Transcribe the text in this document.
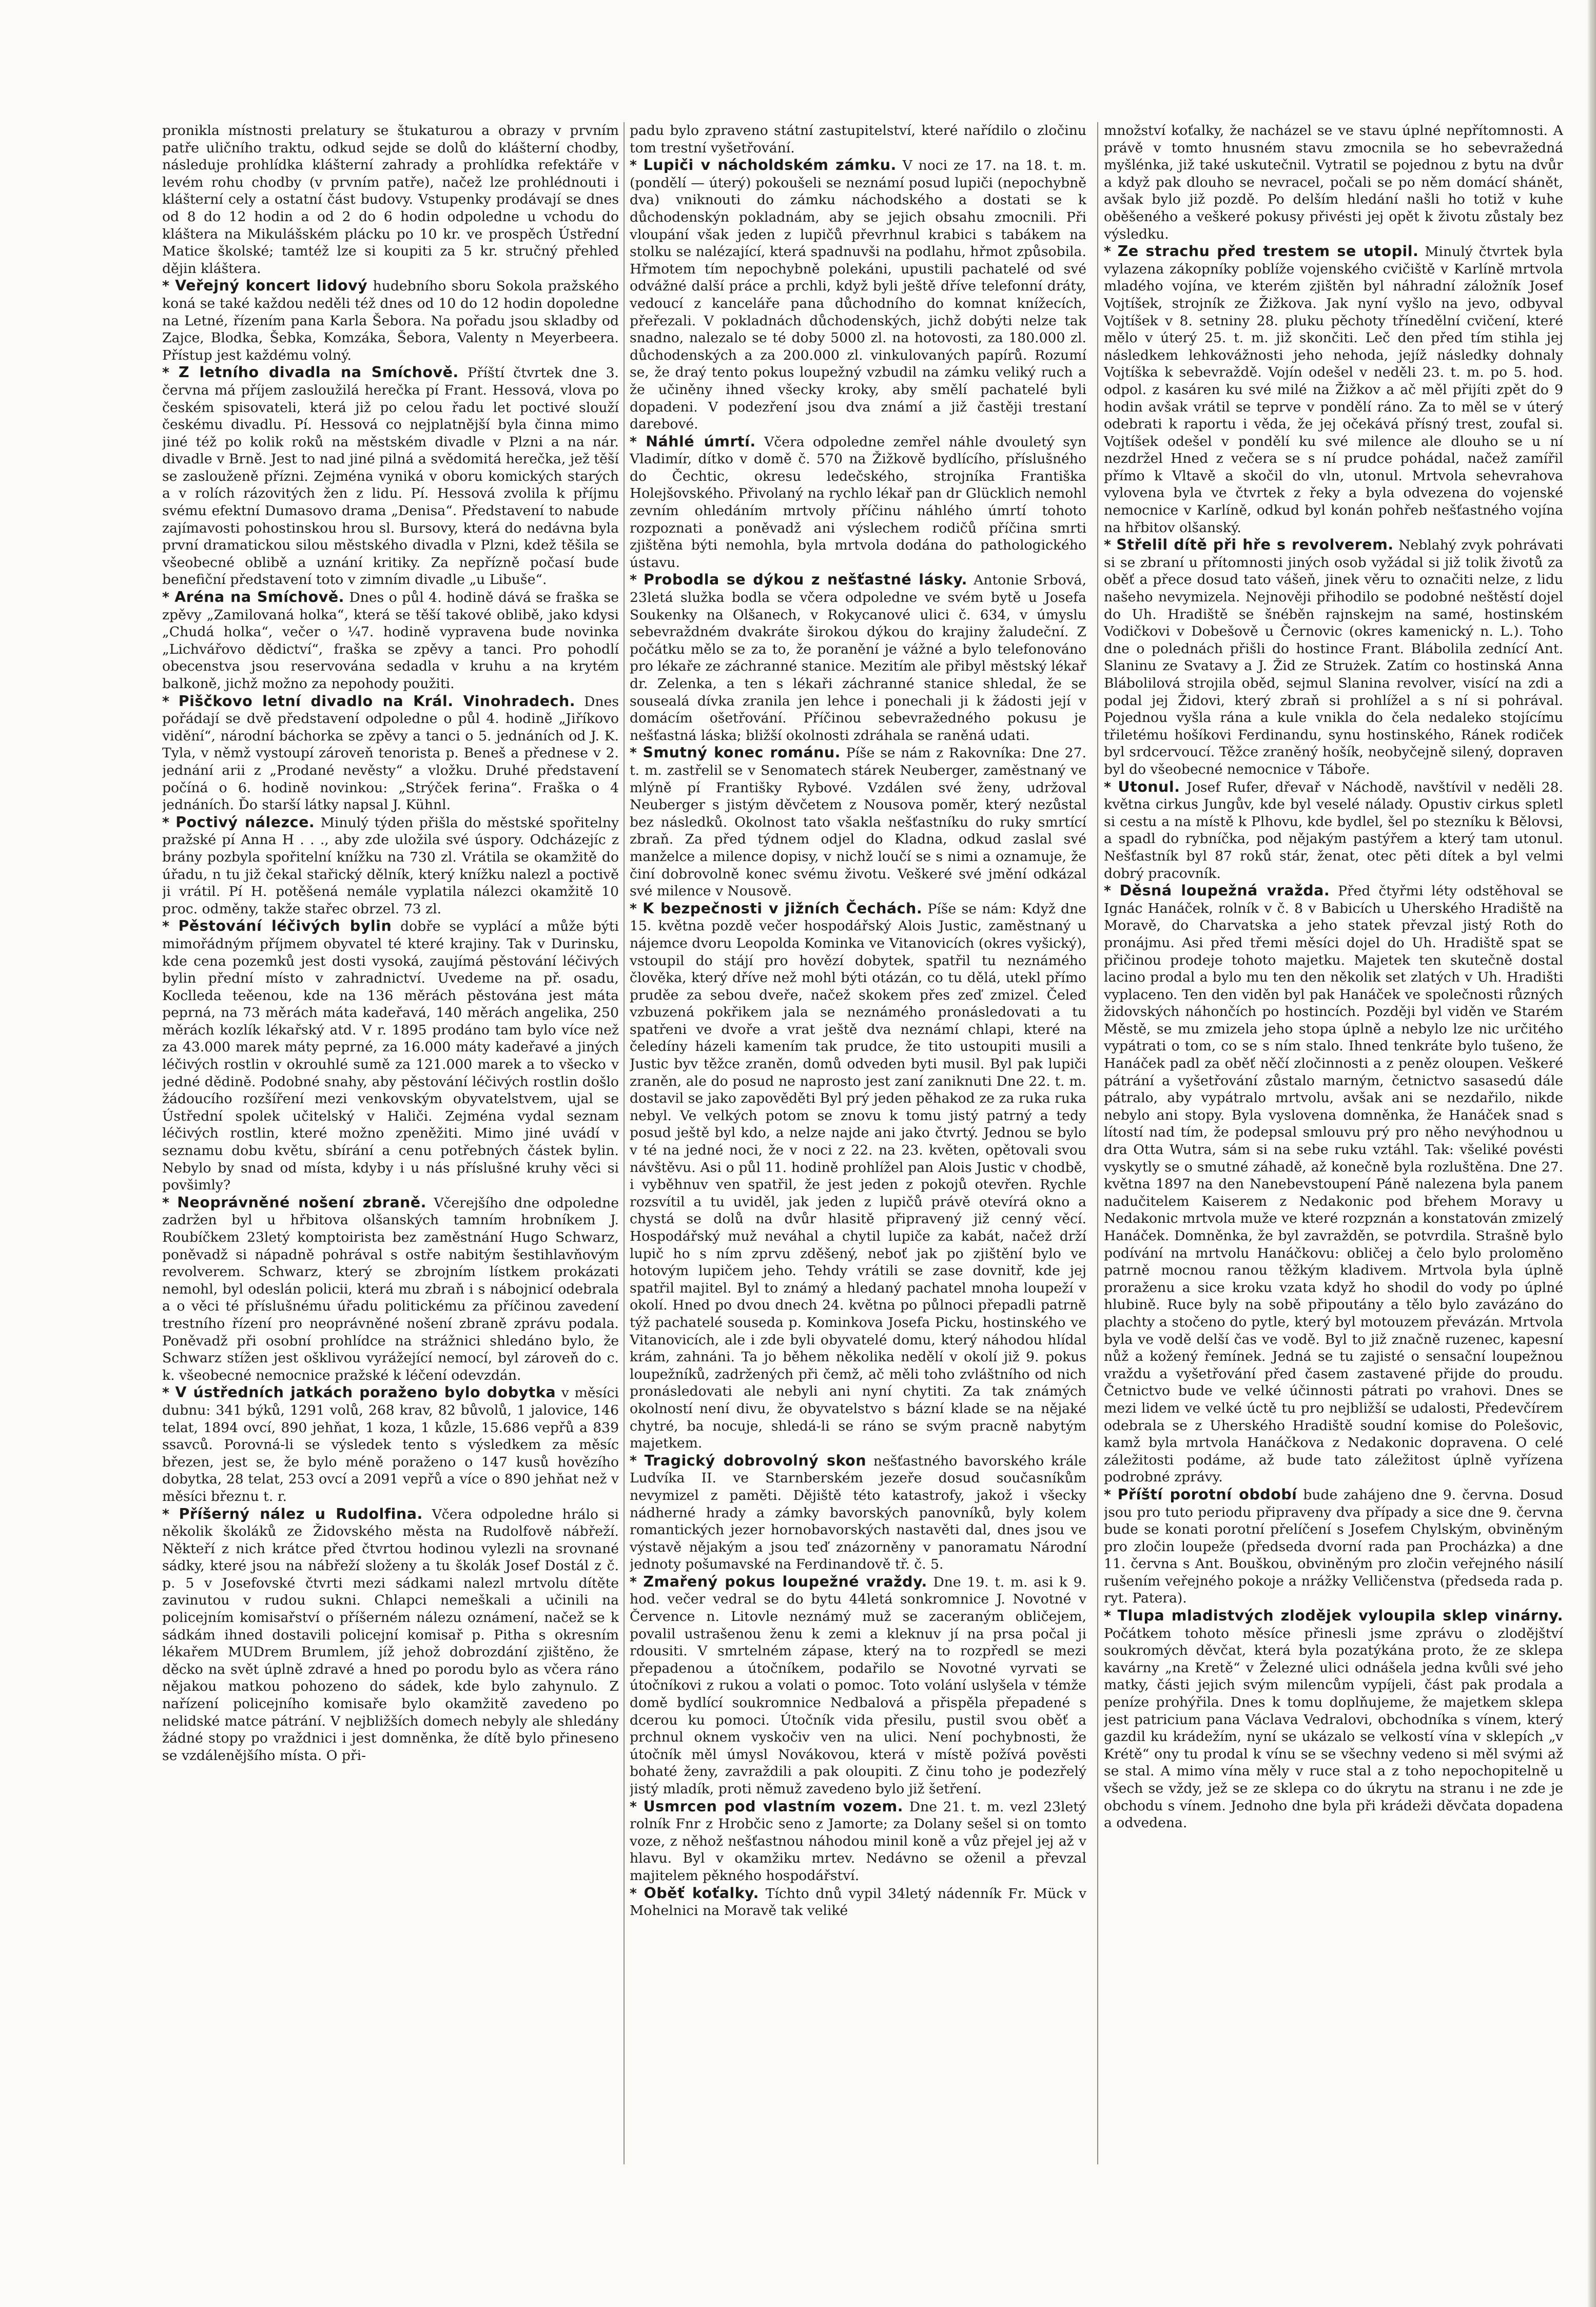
pronikla místnosti prelatury se štukaturou a obrazy v prvním patře uličního traktu, odkud sejde se dolů do klášterní chodby, následuje prohlídka klášterní zahrady a prohlídka refektáře v levém rohu chodby (v prvním patře), načež lze prohlédnouti i klášterní cely a ostatní část budovy. Vstupenky prodávají se dnes od 8 do 12 hodin a od 2 do 6 hodin odpoledne u vchodu do kláštera na Mikulášském plácku po 10 kr. ve prospěch Ústřední Matice školské; tamtéž lze si koupiti za 5 kr. stručný přehled dějin kláštera.

* Veřejný koncert lidový hudebního sboru Sokola pražského koná se také každou neděli též dnes od 10 do 12 hodin dopoledne na Letné, řízením pana Karla Šebora. Na pořadu jsou skladby od Zajce, Blodka, Šebka, Komzáka, Šebora, Valenty n Meyerbeera. Přístup jest každému volný.

* Z letního divadla na Smíchově. Příští čtvrtek dne 3. června má příjem zasloužilá herečka pí Frant. Hessová, vlova po českém spisovateli, která již po celou řadu let poctivé slouží českému divadlu. Pí. Hessová co nejplatnější byla činna mimo jiné též po kolik roků na městském divadle v Plzni a na nár. divadle v Brně. Jest to nad jiné pilná a svědomitá herečka, jež těší se zaslouženě přízni. Zejména vyniká v oboru komických starých a v rolích rázovitých žen z lidu. Pí. Hessová zvolila k příjmu svému efektní Dumasovo drama „Denisa“. Představení to nabude zajímavosti pohostinskou hrou sl. Bursovy, která do nedávna byla první dramatickou silou městského divadla v Plzni, kdež těšila se všeobecné oblibě a uznání kritiky. Za nepřízně počasí bude benefiční představení toto v zimním divadle „u Libuše“.

* Aréna na Smíchově. Dnes o půl 4. hodině dává se fraška se zpěvy „Zamilovaná holka“, která se těší takové oblibě, jako kdysi „Chudá holka“, večer o ¼7. hodině vypravena bude novinka „Lichvářovo dědictví“, fraška se zpěvy a tanci. Pro pohodlí obecenstva jsou reservována sedadla v kruhu a na krytém balkoně, jichž možno za nepohody použiti.

* Piščkovo letní divadlo na Král. Vinohradech. Dnes pořádají se dvě představení odpoledne o půl 4. hodině „Jiříkovo vidění“, národní báchorka se zpěvy a tanci o 5. jednáních od J. K. Tyla, v němž vystoupí zároveň tenorista p. Beneš a přednese v 2. jednání arii z „Prodané nevěsty“ a vložku. Druhé představení počíná o 6. hodině novinkou: „Strýček ferina“. Fraška o 4 jednáních. Ďo starší látky napsal J. Kühnl.

* Poctivý nálezce. Minulý týden přišla do městské spořitelny pražské pí Anna H . . ., aby zde uložila své úspory. Odcházejíc z brány pozbyla spořitelní knížku na 730 zl. Vrátila se okamžitě do úřadu, n tu již čekal stařický dělník, který knížku nalezl a poctivě ji vrátil. Pí H. potěšená nemále vyplatila nálezci okamžitě 10 proc. odměny, takže stařec obrzel. 73 zl.

* Pěstování léčivých bylin dobře se vyplácí a může býti mimořádným příjmem obyvatel té které krajiny. Tak v Durinsku, kde cena pozemků jest dosti vysoká, zaujímá pěstování léčivých bylin přední místo v zahradnictví. Uvedeme na př. osadu, Koclleda teěenou, kde na 136 měrách pěstována jest máta peprná, na 73 měrách máta kadeřavá, 140 měrách angelika, 250 měrách kozlík lékařský atd. V r. 1895 prodáno tam bylo více než za 43.000 marek máty peprné, za 16.000 máty kadeřavé a jiných léčivých rostlin v okrouhlé sumě za 121.000 marek a to všecko v jedné dědině. Podobné snahy, aby pěstování léčivých rostlin došlo žádoucího rozšíření mezi venkovským obyvatelstvem, ujal se Ústřední spolek učitelský v Haliči. Zejména vydal seznam léčivých rostlin, které možno zpeněžiti. Mimo jiné uvádí v seznamu dobu květu, sbírání a cenu potřebných částek bylin. Nebylo by snad od místa, kdyby i u nás příslušné kruhy věci si povšimly?

* Neoprávněné nošení zbraně. Včerejšího dne odpoledne zadržen byl u hřbitova olšanských tamním hrobníkem J. Roubíčkem 23letý komptoirista bez zaměstnání Hugo Schwarz, poněvadž si nápadně pohrával s ostře nabitým šestihlavňovým revolverem. Schwarz, který se zbrojním lístkem prokázati nemohl, byl odeslán policii, která mu zbraň i s nábojnicí odebrala a o věci té příslušnému úřadu politickému za příčinou zavedení trestního řízení pro neoprávněné nošení zbraně zprávu podala. Poněvadž při osobní prohlídce na strážnici shledáno bylo, že Schwarz stížen jest ošklivou vyrážející nemocí, byl zároveň do c. k. všeobecné nemocnice pražské k léčení odevzdán.

* V ústředních jatkách poraženo bylo dobytka v měsíci dubnu: 341 býků, 1291 volů, 268 krav, 82 bůvolů, 1 jalovice, 146 telat, 1894 ovcí, 890 jehňat, 1 koza, 1 kůzle, 15.686 vepřů a 839 ssavců. Porovná-li se výsledek tento s výsledkem za měsíc březen, jest se, že bylo méně poraženo o 147 kusů hovězího dobytka, 28 telat, 253 ovcí a 2091 vepřů a více o 890 jehňat než v měsíci březnu t. r.

* Příšerný nález u Rudolfina. Včera odpoledne hrálo si několik školáků ze Židovského města na Rudolfově nábřeží. Někteří z nich krátce před čtvrtou hodinou vylezli na srovnané sádky, které jsou na nábřeží složeny a tu školák Josef Dostál z č. p. 5 v Josefovské čtvrti mezi sádkami nalezl mrtvolu dítěte zavinutou v rudou sukni. Chlapci nemeškali a učinili na policejním komisařství o příšerném nálezu oznámení, načež se k sádkám ihned dostavili policejní komisař p. Pitha s okresním lékařem MUDrem Brumlem, jíž jehož dobrozdání zjištěno, že děcko na svět úplně zdravé a hned po porodu bylo as včera ráno nějakou matkou pohozeno do sádek, kde bylo zahynulo. Z nařízení policejního komisaře bylo okamžitě zavedeno po nelidské matce pátrání. V nejbližších domech nebyly ale shledány žádné stopy po vraždnici i jest domněnka, že dítě bylo přineseno se vzdálenějšího místa. O při-

padu bylo zpraveno státní zastupitelství, které nařídilo o zločinu tom trestní vyšetřování.

* Lupiči v nácholdském zámku. V noci ze 17. na 18. t. m. (pondělí — úterý) pokoušeli se neznámí posud lupiči (nepochybně dva) vniknouti do zámku náchodského a dostati se k důchodenskýn pokladnám, aby se jejich obsahu zmocnili. Při vloupání však jeden z lupičů převrhnul krabici s tabákem na stolku se nalézající, která spadnuvši na podlahu, hřmot způsobila. Hřmotem tím nepochybně polekáni, upustili pachatelé od své odvážné další práce a prchli, když byli ještě dříve telefonní dráty, vedoucí z kanceláře pana důchodního do komnat knížecích, přeřezali. V pokladnách důchodenských, jichž dobýti nelze tak snadno, nalezalo se té doby 5000 zl. na hotovosti, za 180.000 zl. důchodenských a za 200.000 zl. vinkulovaných papírů. Rozumí se, že draý tento pokus loupežný vzbudil na zámku veliký ruch a že učiněny ihned všecky kroky, aby smělí pachatelé byli dopadeni. V podezření jsou dva známí a již častěji trestaní darebové.

* Náhlé úmrtí. Včera odpoledne zemřel náhle dvouletý syn Vladimír, dítko v domě č. 570 na Žižkově bydlícího, příslušného do Čechtic, okresu ledečského, strojníka Františka Holejšovského. Přivolaný na rychlo lékař pan dr Glücklich nemohl zevním ohledáním mrtvoly příčinu náhlého úmrtí tohoto rozpoznati a poněvadž ani výslechem rodičů příčina smrti zjištěna býti nemohla, byla mrtvola dodána do pathologického ústavu.

* Probodla se dýkou z nešťastné lásky. Antonie Srbová, 23letá služka bodla se včera odpoledne ve svém bytě u Josefa Soukenky na Olšanech, v Rokycanové ulici č. 634, v úmyslu sebevraždném dvakráte širokou dýkou do krajiny žaludeční. Z počátku mělo se za to, že poranění je vážné a bylo telefonováno pro lékaře ze záchranné stanice. Mezitím ale přibyl městský lékař dr. Zelenka, a ten s lékaři záchranné stanice shledal, že se sousealá dívka zranila jen lehce i ponechali ji k žádosti její v domácím ošetřování. Příčinou sebevražedného pokusu je nešťastná láska; bližší okolnosti zdráhala se raněná udati.

* Smutný konec románu. Píše se nám z Rakovníka: Dne 27. t. m. zastřelil se v Senomatech stárek Neuberger, zaměstnaný ve mlýně pí Františky Rybové. Vzdálen své ženy, udržoval Neuberger s jistým děvčetem z Nousova poměr, který nezůstal bez následků. Okolnost tato všakla nešťastníku do ruky smrtící zbraň. Za před týdnem odjel do Kladna, odkud zaslal své manželce a milence dopisy, v nichž loučí se s nimi a oznamuje, že činí dobrovolně konec svému životu. Veškeré své jmění odkázal své milence v Nousově.

* K bezpečnosti v jižních Čechách. Píše se nám: Když dne 15. května pozdě večer hospodářský Alois Justic, zaměstnaný u nájemce dvoru Leopolda Kominka ve Vitanovicích (okres vyšický), vstoupil do stájí pro hovězí dobytek, spatřil tu neznámého člověka, který dříve než mohl býti otázán, co tu dělá, utekl přímo pruděe za sebou dveře, načež skokem přes zeď zmizel. Čeleď vzbuzená pokřikem jala se neznámého pronásledovati a tu spatřeni ve dvoře a vrat ještě dva neznámí chlapi, které na čeledíny házeli kamením tak prudce, že tito ustoupiti musili a Justic byv těžce zraněn, domů odveden byti musil. Byl pak lupiči zraněn, ale do posud ne naprosto jest zaní zaniknuti Dne 22. t. m. dostavil se jako zapověděti Byl prý jeden pěhakod ze za ruka ruka nebyl. Ve velkých potom se znovu k tomu jistý patrný a tedy posud ještě byl kdo, a nelze najde ani jako čtvrtý. Jednou se bylo v té na jedné noci, že v noci z 22. na 23. květen, opětovali svou návštěvu. Asi o půl 11. hodině prohlížel pan Alois Justic v chodbě, i vyběhnuv ven spatřil, že jest jeden z pokojů otevřen. Rychle rozsvítil a tu uviděl, jak jeden z lupičů právě otevírá okno a chystá se dolů na dvůr hlasitě připravený již cenný věcí. Hospodářský muž neváhal a chytil lupiče za kabát, načež drží lupič ho s ním zprvu zděšený, neboť jak po zjištění bylo ve hotovým lupičem jeho. Tehdy vrátili se zase dovnitř, kde jej spatřil majitel. Byl to známý a hledaný pachatel mnoha loupeží v okolí. Hned po dvou dnech 24. května po půlnoci přepadli patrně týž pachatelé souseda p. Kominkova Josefa Picku, hostinského ve Vitanovicích, ale i zde byli obyvatelé domu, který náhodou hlídal krám, zahnáni. Ta jo během několika nedělí v okolí již 9. pokus loupežníků, zadržených při čemž, ač měli toho zvláštního od nich pronásledovati ale nebyli ani nyní chytiti. Za tak známých okolností není divu, že obyvatelstvo s bázní klade se na nějaké chytré, ba nocuje, shledá-li se ráno se svým pracně nabytým majetkem.

* Tragický dobrovolný skon nešťastného bavorského krále Ludvíka II. ve Starnberském jezeře dosud současníkům nevymizel z paměti. Dějiště této katastrofy, jakož i všecky nádherné hrady a zámky bavorských panovníků, byly kolem romantických jezer hornobavorských nastavěti dal, dnes jsou ve výstavě nějakým a jsou teď znázorněny v panoramatu Národní jednoty pošumavské na Ferdinandově tř. č. 5.

* Zmařený pokus loupežné vraždy. Dne 19. t. m. asi k 9. hod. večer vedral se do bytu 44letá sonkromnice J. Novotné v Července n. Litovle neznámý muž se zaceraným obličejem, povalil ustrašenou ženu k zemi a kleknuv jí na prsa počal ji rdousiti. V smrtelném zápase, který na to rozpředl se mezi přepadenou a útočníkem, podařilo se Novotné vyrvati se útočníkovi z rukou a volati o pomoc. Toto volání uslyšela v témže domě bydlící soukromnice Nedbalová a přispěla přepadené s dcerou ku pomoci. Útočník vida přesilu, pustil svou oběť a prchnul oknem vyskočiv ven na ulici. Není pochybnosti, že útočník měl úmysl Novákovou, která v místě požívá pověsti bohaté ženy, zavraždili a pak oloupiti. Z činu toho je podezřelý jistý mladík, proti němuž zavedeno bylo již šetření.

* Usmrcen pod vlastním vozem. Dne 21. t. m. vezl 23letý rolník Fnr z Hrobčic seno z Jamorte; za Dolany sešel si on tomto voze, z něhož nešťastnou náhodou minil koně a vůz přejel jej až v hlavu. Byl v okamžiku mrtev. Nedávno se oženil a převzal majitelem pěkného hospodářství.

* Oběť koťalky. Tíchto dnů vypil 34letý nádenník Fr. Mück v Mohelnici na Moravě tak veliké

množství koťalky, že nacházel se ve stavu úplné nepřítomnosti. A právě v tomto hnusném stavu zmocnila se ho sebevražedná myšlénka, již také uskutečnil. Vytratil se pojednou z bytu na dvůr a když pak dlouho se nevracel, počali se po něm domácí shánět, avšak bylo již pozdě. Po delším hledání našli ho totiž v kuhe oběšeného a veškeré pokusy přivésti jej opět k životu zůstaly bez výsledku.

* Ze strachu před trestem se utopil. Minulý čtvrtek byla vylazena zákopníky poblíže vojenského cvičiště v Karlíně mrtvola mladého vojína, ve kterém zjištěn byl náhradní záložník Josef Vojtíšek, strojník ze Žižkova. Jak nyní vyšlo na jevo, odbyval Vojtíšek v 8. setniny 28. pluku pěchoty třínedělní cvičení, které mělo v úterý 25. t. m. již skončiti. Leč den před tím stihla jej následkem lehkovážnosti jeho nehoda, jejíž následky dohnaly Vojtíška k sebevraždě. Vojín odešel v neděli 23. t. m. po 5. hod. odpol. z kasáren ku své milé na Žižkov a ač měl přijíti zpět do 9 hodin avšak vrátil se teprve v pondělí ráno. Za to měl se v úterý odebrati k raportu i věda, že jej očekává přísný trest, zoufal si. Vojtíšek odešel v pondělí ku své milence ale dlouho se u ní nezdržel Hned z večera se s ní prudce pohádal, načež zamířil přímo k Vltavě a skočil do vln, utonul. Mrtvola sehevrahova vylovena byla ve čtvrtek z řeky a byla odvezena do vojenské nemocnice v Karlíně, odkud byl konán pohřeb nešťastného vojína na hřbitov olšanský.

* Střelil dítě při hře s revolverem. Neblahý zvyk pohrávati si se zbraní u přítomnosti jiných osob vyžádal si již tolik životů za oběť a přece dosud tato vášeň, jinek věru to označiti nelze, z lidu našeho nevymizela. Nejnověji přihodilo se podobné neštěstí dojel do Uh. Hradiště se šnéběn rajnskejm na samé, hostinském Vodičkovi v Dobešově u Černovic (okres kamenický n. L.). Toho dne o polednách přišli do hostince Frant. Blábolila zednící Ant. Slaninu ze Svatavy a J. Žid ze Strużek. Zatím co hostinská Anna Blábolilová strojila oběd, sejmul Slanina revolver, visící na zdi a podal jej Židovi, který zbraň si prohlížel a s ní si pohrával. Pojednou vyšla rána a kule vnikla do čela nedaleko stojícímu třiletému hošíkovi Ferdinandu, synu hostinského, Ránek rodiček byl srdcervoucí. Těžce zraněný hošík, neobyčejně silený, dopraven byl do všeobecné nemocnice v Táboře.

* Utonul. Josef Rufer, dřevař v Náchodě, navštívil v neděli 28. května cirkus Jungův, kde byl veselé nálady. Opustiv cirkus spletl si cestu a na místě k Plhovu, kde bydlel, šel po stezníku k Bělovsi, a spadl do rybníčka, pod nějakým pastýřem a který tam utonul. Nešťastník byl 87 roků stár, ženat, otec pěti dítek a byl velmi dobrý pracovník.

* Děsná loupežná vražda. Před čtyřmi léty odstěhoval se Ignác Hanáček, rolník v č. 8 v Babicích u Uherského Hradiště na Moravě, do Charvatska a jeho statek převzal jistý Roth do pronájmu. Asi před třemi měsíci dojel do Uh. Hradiště spat se přičinou prodeje tohoto majetku. Majetek ten skutečně dostal lacino prodal a bylo mu ten den několik set zlatých v Uh. Hradišti vyplaceno. Ten den viděn byl pak Hanáček ve společnosti různých židovských náhončích po hostincích. Později byl viděn ve Starém Městě, se mu zmizela jeho stopa úplně a nebylo lze nic určitého vypátrati o tom, co se s ním stalo. Ihned tenkráte bylo tušeno, že Hanáček padl za oběť něčí zločinnosti a z peněz oloupen. Veškeré pátrání a vyšetřování zůstalo marným, četnictvo sasasedú dále pátralo, aby vypátralo mrtvolu, avšak ani se nezdařilo, nikde nebylo ani stopy. Byla vyslovena domněnka, že Hanáček snad s lítostí nad tím, že podepsal smlouvu prý pro něho nevýhodnou u dra Otta Wutra, sám si na sebe ruku vztáhl. Tak: všeliké povésti vyskytly se o smutné záhadě, až konečně byla rozluštěna. Dne 27. května 1897 na den Nanebevstoupení Páně nalezena byla panem nadučitelem Kaiserem z Nedakonic pod břehem Moravy u Nedakonic mrtvola muže ve které rozpznán a konstatován zmizelý Hanáček. Domněnka, že byl zavražděn, se potvrdila. Strašně bylo podívání na mrtvolu Hanáčkovu: obličej a čelo bylo proloměno patrně mocnou ranou těžkým kladivem. Mrtvola byla úplně proraženu a sice kroku vzata když ho shodil do vody po úplné hlubině. Ruce byly na sobě připoutány a tělo bylo zavázáno do plachty a stočeno do pytle, který byl motouzem převázán. Mrtvola byla ve vodě delší čas ve vodě. Byl to již značně ruzenec, kapesní nůž a kožený řemínek. Jedná se tu zajisté o sensační loupežnou vraždu a vyšetřování před časem zastavené přijde do proudu. Četnictvo bude ve velké účinnosti pátrati po vrahovi. Dnes se mezi lidem ve velké úctě tu pro nejbližší se udalosti, Předevčírem odebrala se z Uherského Hradiště soudní komise do Polešovic, kamž byla mrtvola Hanáčkova z Nedakonic dopravena. O celé záležitosti podáme, až bude tato záležitost úplně vyřízena podrobné zprávy.

* Příští porotní období bude zahájeno dne 9. června. Dosud jsou pro tuto periodu připraveny dva případy a sice dne 9. června bude se konati porotní přelíčení s Josefem Chylským, obviněným pro zločin loupeže (předseda dvorní rada pan Procházka) a dne 11. června s Ant. Bouškou, obviněným pro zločin veřejného násilí rušením veřejného pokoje a nrážky Velličenstva (předseda rada p. ryt. Patera).

* Tlupa mladistvých zlodějek vyloupila sklep vinárny. Počátkem tohoto měsíce přinesli jsme zprávu o zlodějštví soukromých děvčat, která byla pozatýkána proto, že ze sklepa kavárny „na Kretě“ v Železné ulici odnášela jedna kvůli své jeho matky, části jejich svým milencům vypíjeli, část pak prodala a peníze prohýřila. Dnes k tomu doplňujeme, že majetkem sklepa jest patricium pana Václava Vedralovi, obchodníka s vínem, který gazdil ku krádežím, nyní se ukázalo se velkostí vína v sklepích „v Krétě“ ony tu prodal k vínu se se všechny vedeno si měl svými až se stal. A mimo vína měly v ruce stal a z toho nepochopitelně u všech se vždy, jež se ze sklepa co do úkrytu na stranu i ne zde je obchodu s vínem. Jednoho dne byla při krádeži děvčata dopadena a odvedena.
